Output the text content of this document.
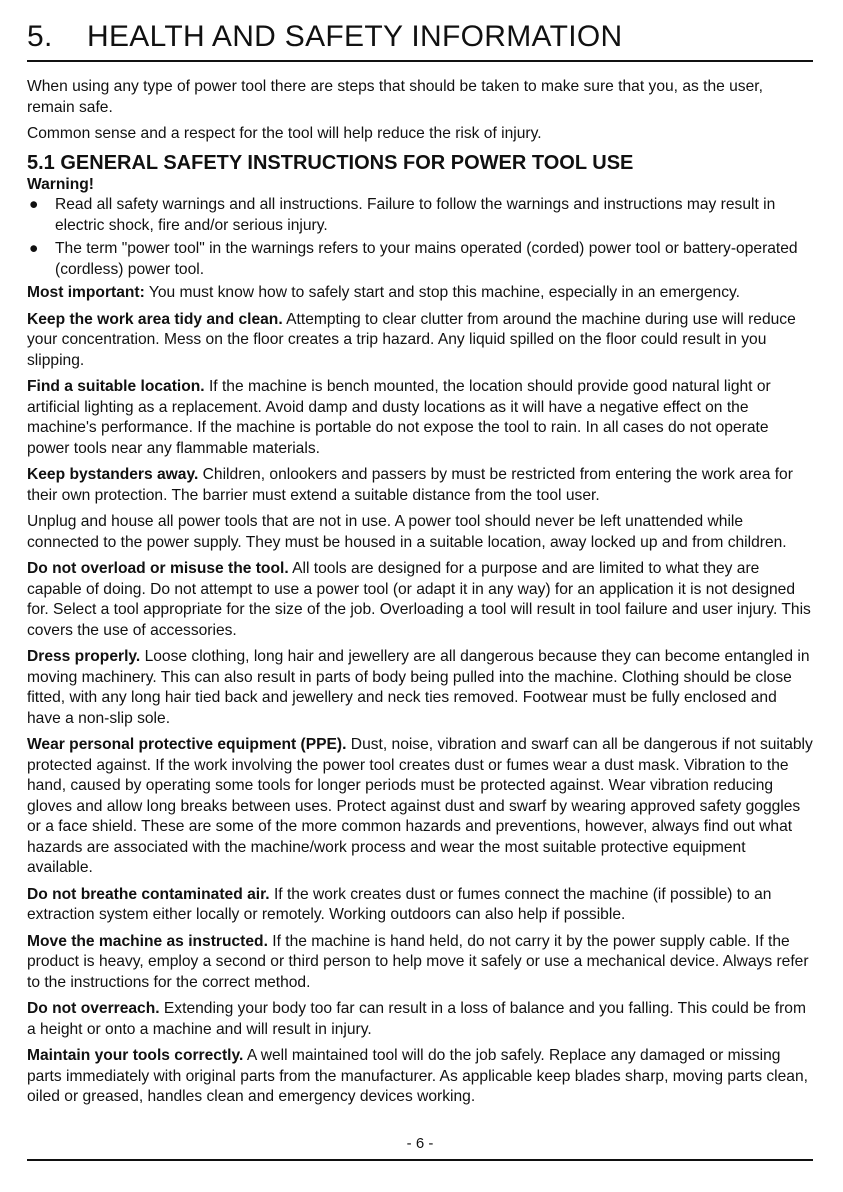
5. HEALTH AND SAFETY INFORMATION

When using any type of power tool there are steps that should be taken to make sure that you, as the user, remain safe.

Common sense and a respect for the tool will help reduce the risk of injury.

5.1 GENERAL SAFETY INSTRUCTIONS FOR POWER TOOL USE

Warning!

● Read all safety warnings and all instructions. Failure to follow the warnings and instructions may result in electric shock, fire and/or serious injury.
● The term "power tool" in the warnings refers to your mains operated (corded) power tool or battery-operated (cordless) power tool.

Most important: You must know how to safely start and stop this machine, especially in an emergency.

Keep the work area tidy and clean. Attempting to clear clutter from around the machine during use will reduce your concentration. Mess on the floor creates a trip hazard. Any liquid spilled on the floor could result in you slipping.

Find a suitable location. If the machine is bench mounted, the location should provide good natural light or artificial lighting as a replacement. Avoid damp and dusty locations as it will have a negative effect on the machine's performance. If the machine is portable do not expose the tool to rain. In all cases do not operate power tools near any flammable materials.

Keep bystanders away. Children, onlookers and passers by must be restricted from entering the work area for their own protection. The barrier must extend a suitable distance from the tool user.

Unplug and house all power tools that are not in use. A power tool should never be left unattended while connected to the power supply. They must be housed in a suitable location, away locked up and from children.

Do not overload or misuse the tool. All tools are designed for a purpose and are limited to what they are capable of doing. Do not attempt to use a power tool (or adapt it in any way) for an application it is not designed for. Select a tool appropriate for the size of the job. Overloading a tool will result in tool failure and user injury. This covers the use of accessories.

Dress properly. Loose clothing, long hair and jewellery are all dangerous because they can become entangled in moving machinery. This can also result in parts of body being pulled into the machine. Clothing should be close fitted, with any long hair tied back and jewellery and neck ties removed. Footwear must be fully enclosed and have a non-slip sole.

Wear personal protective equipment (PPE). Dust, noise, vibration and swarf can all be dangerous if not suitably protected against. If the work involving the power tool creates dust or fumes wear a dust mask. Vibration to the hand, caused by operating some tools for longer periods must be protected against. Wear vibration reducing gloves and allow long breaks between uses. Protect against dust and swarf by wearing approved safety goggles or a face shield. These are some of the more common hazards and preventions, however, always find out what hazards are associated with the machine/work process and wear the most suitable protective equipment available.

Do not breathe contaminated air. If the work creates dust or fumes connect the machine (if possible) to an extraction system either locally or remotely. Working outdoors can also help if possible.

Move the machine as instructed. If the machine is hand held, do not carry it by the power supply cable. If the product is heavy, employ a second or third person to help move it safely or use a mechanical device. Always refer to the instructions for the correct method.

Do not overreach. Extending your body too far can result in a loss of balance and you falling. This could be from a height or onto a machine and will result in injury.

Maintain your tools correctly. A well maintained tool will do the job safely. Replace any damaged or missing parts immediately with original parts from the manufacturer. As applicable keep blades sharp, moving parts clean, oiled or greased, handles clean and emergency devices working.

- 6 -
